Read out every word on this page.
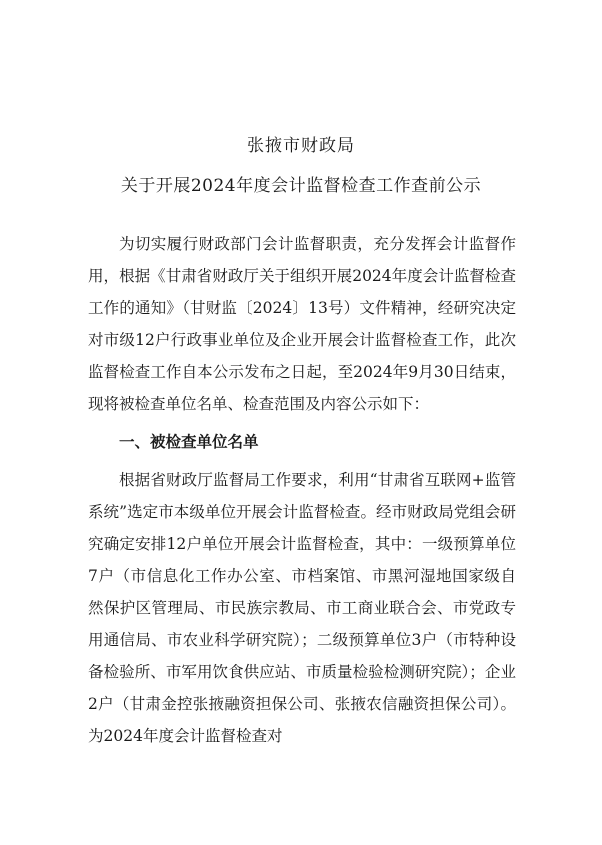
张掖市财政局
关于开展2024年度会计监督检查工作查前公示

为切实履行财政部门会计监督职责，充分发挥会计监督作用，根据《甘肃省财政厅关于组织开展2024年度会计监督检查工作的通知》（甘财监〔2024〕13号）文件精神，经研究决定对市级12户行政事业单位及企业开展会计监督检查工作，此次监督检查工作自本公示发布之日起，至2024年9月30日结束，现将被检查单位名单、检查范围及内容公示如下：

一、被检查单位名单

根据省财政厅监督局工作要求，利用“甘肃省互联网+监管系统”选定市本级单位开展会计监督检查。经市财政局党组会研究确定安排12户单位开展会计监督检查，其中：一级预算单位7户（市信息化工作办公室、市档案馆、市黑河湿地国家级自然保护区管理局、市民族宗教局、市工商业联合会、市党政专用通信局、市农业科学研究院）；二级预算单位3户（市特种设备检验所、市军用饮食供应站、市质量检验检测研究院）；企业2户（甘肃金控张掖融资担保公司、张掖农信融资担保公司）。为2024年度会计监督检查对
